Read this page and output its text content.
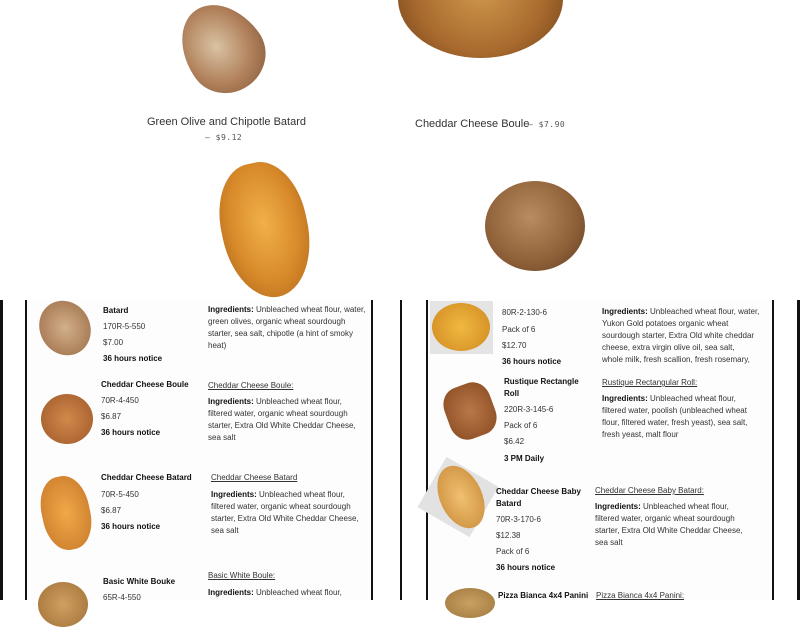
Green Olive and Chipotle Batard
— $9.12
Cheddar Cheese Boule
— $7.90
Batard
170R-5-550
$7.00
36 hours notice
Ingredients: Unbleached wheat flour, water,
green olives, organic wheat sourdough
starter, sea salt, chipotle (a hint of smoky
heat)
Cheddar Cheese Boule
70R-4-450
$6.87
36 hours notice
Cheddar Cheese Boule:
Ingredients: Unbleached wheat flour,
filtered water, organic wheat sourdough
starter, Extra Old White Cheddar Cheese,
sea salt
Cheddar Cheese Batard
70R-5-450
$6.87
36 hours notice
Cheddar Cheese Batard
Ingredients: Unbleached wheat flour,
filtered water, organic wheat sourdough
starter, Extra Old White Cheddar Cheese,
sea salt
Basic White Bouke
65R-4-550
Basic White Boule:
Ingredients: Unbleached wheat flour,
80R-2-130-6
Pack of 6
$12.70
36 hours notice
Ingredients: Unbleached wheat flour, water,
Yukon Gold potatoes organic wheat
sourdough starter, Extra Old white cheddar
cheese, extra virgin olive oil, sea salt,
whole milk, fresh scallion, fresh rosemary,
Rustique Rectangle
Roll
220R-3-145-6
Pack of 6
$6.42
3 PM Daily
Rustique Rectangular Roll:
Ingredients: Unbleached wheat flour,
filtered water, poolish (unbleached wheat
flour, filtered water, fresh yeast), sea salt,
fresh yeast, malt flour
Cheddar Cheese Baby
Batard
70R-3-170-6
$12.38
Pack of 6
36 hours notice
Cheddar Cheese Baby Batard:
Ingredients: Unbleached wheat flour,
filtered water, organic wheat sourdough
starter, Extra Old White Cheddar Cheese,
sea salt
Pizza Bianca 4x4 Panini Pizza Bianca 4x4 Panini:
